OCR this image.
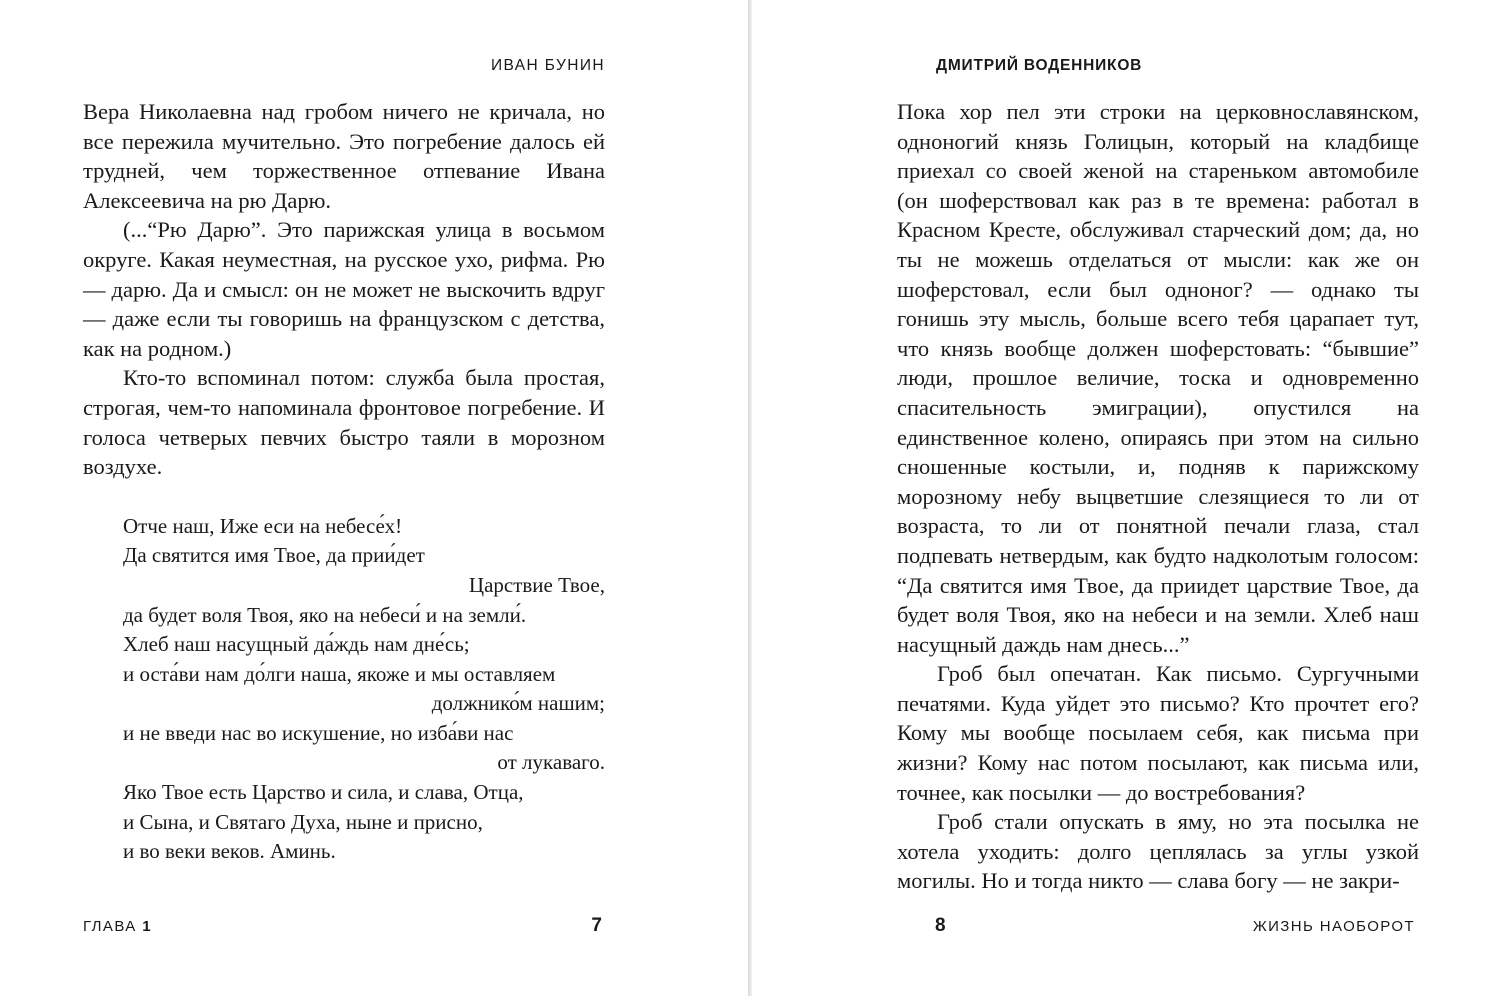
ИВАН БУНИН

Вера Николаевна над гробом ничего не кричала, но все пережила мучительно. Это погребение далось ей трудней, чем торжественное отпевание Ивана Алексеевича на рю Дарю.

(...“Рю Дарю”. Это парижская улица в восьмом округе. Какая неуместная, на русское ухо, рифма. Рю — дарю. Да и смысл: он не может не выскочить вдруг — даже если ты говоришь на французском с детства, как на родном.)

Кто-то вспоминал потом: служба была простая, строгая, чем-то напоминала фронтовое погребение. И голоса четверых певчих быстро таяли в морозном воздухе.

Отче наш, Иже еси на небесе́х!
Да святится имя Твое, да прии́дет
Царствие Твое,
да будет воля Твоя, яко на небеси́ и на земли́.
Хлеб наш насущный да́ждь нам дне́сь;
и оста́ви нам до́лги наша, якоже и мы оставляем
должнико́м нашим;
и не введи нас во искушение, но изба́ви нас
от лукаваго.
Яко Твое есть Царство и сила, и слава, Отца,
и Сына, и Святаго Духа, ныне и присно,
и во веки веков. Аминь.
ГЛАВА 1	7
ДМИТРИЙ ВОДЕННИКОВ

Пока хор пел эти строки на церковнославянском, одноногий князь Голицын, который на кладбище приехал со своей женой на стареньком автомобиле (он шоферствовал как раз в те времена: работал в Красном Кресте, обслуживал старческий дом; да, но ты не можешь отделаться от мысли: как же он шоферстовал, если был одноног? — однако ты гонишь эту мысль, больше всего тебя царапает тут, что князь вообще должен шоферстовать: “бывшие” люди, прошлое величие, тоска и одновременно спасительность эмиграции), опустился на единственное колено, опираясь при этом на сильно сношенные костыли, и, подняв к парижскому морозному небу выцветшие слезящиеся то ли от возраста, то ли от понятной печали глаза, стал подпевать нетвердым, как будто надколотым голосом: “Да святится имя Твое, да приидет царствие Твое, да будет воля Твоя, яко на небеси и на земли. Хлеб наш насущный даждь нам днесь...”

Гроб был опечатан. Как письмо. Сургучными печатями. Куда уйдет это письмо? Кто прочтет его? Кому мы вообще посылаем себя, как письма при жизни? Кому нас потом посылают, как письма или, точнее, как посылки — до востребования?

Гроб стали опускать в яму, но эта посылка не хотела уходить: долго цеплялась за углы узкой могилы. Но и тогда никто — слава богу — не закри-

8	ЖИЗНЬ НАОБОРОТ
